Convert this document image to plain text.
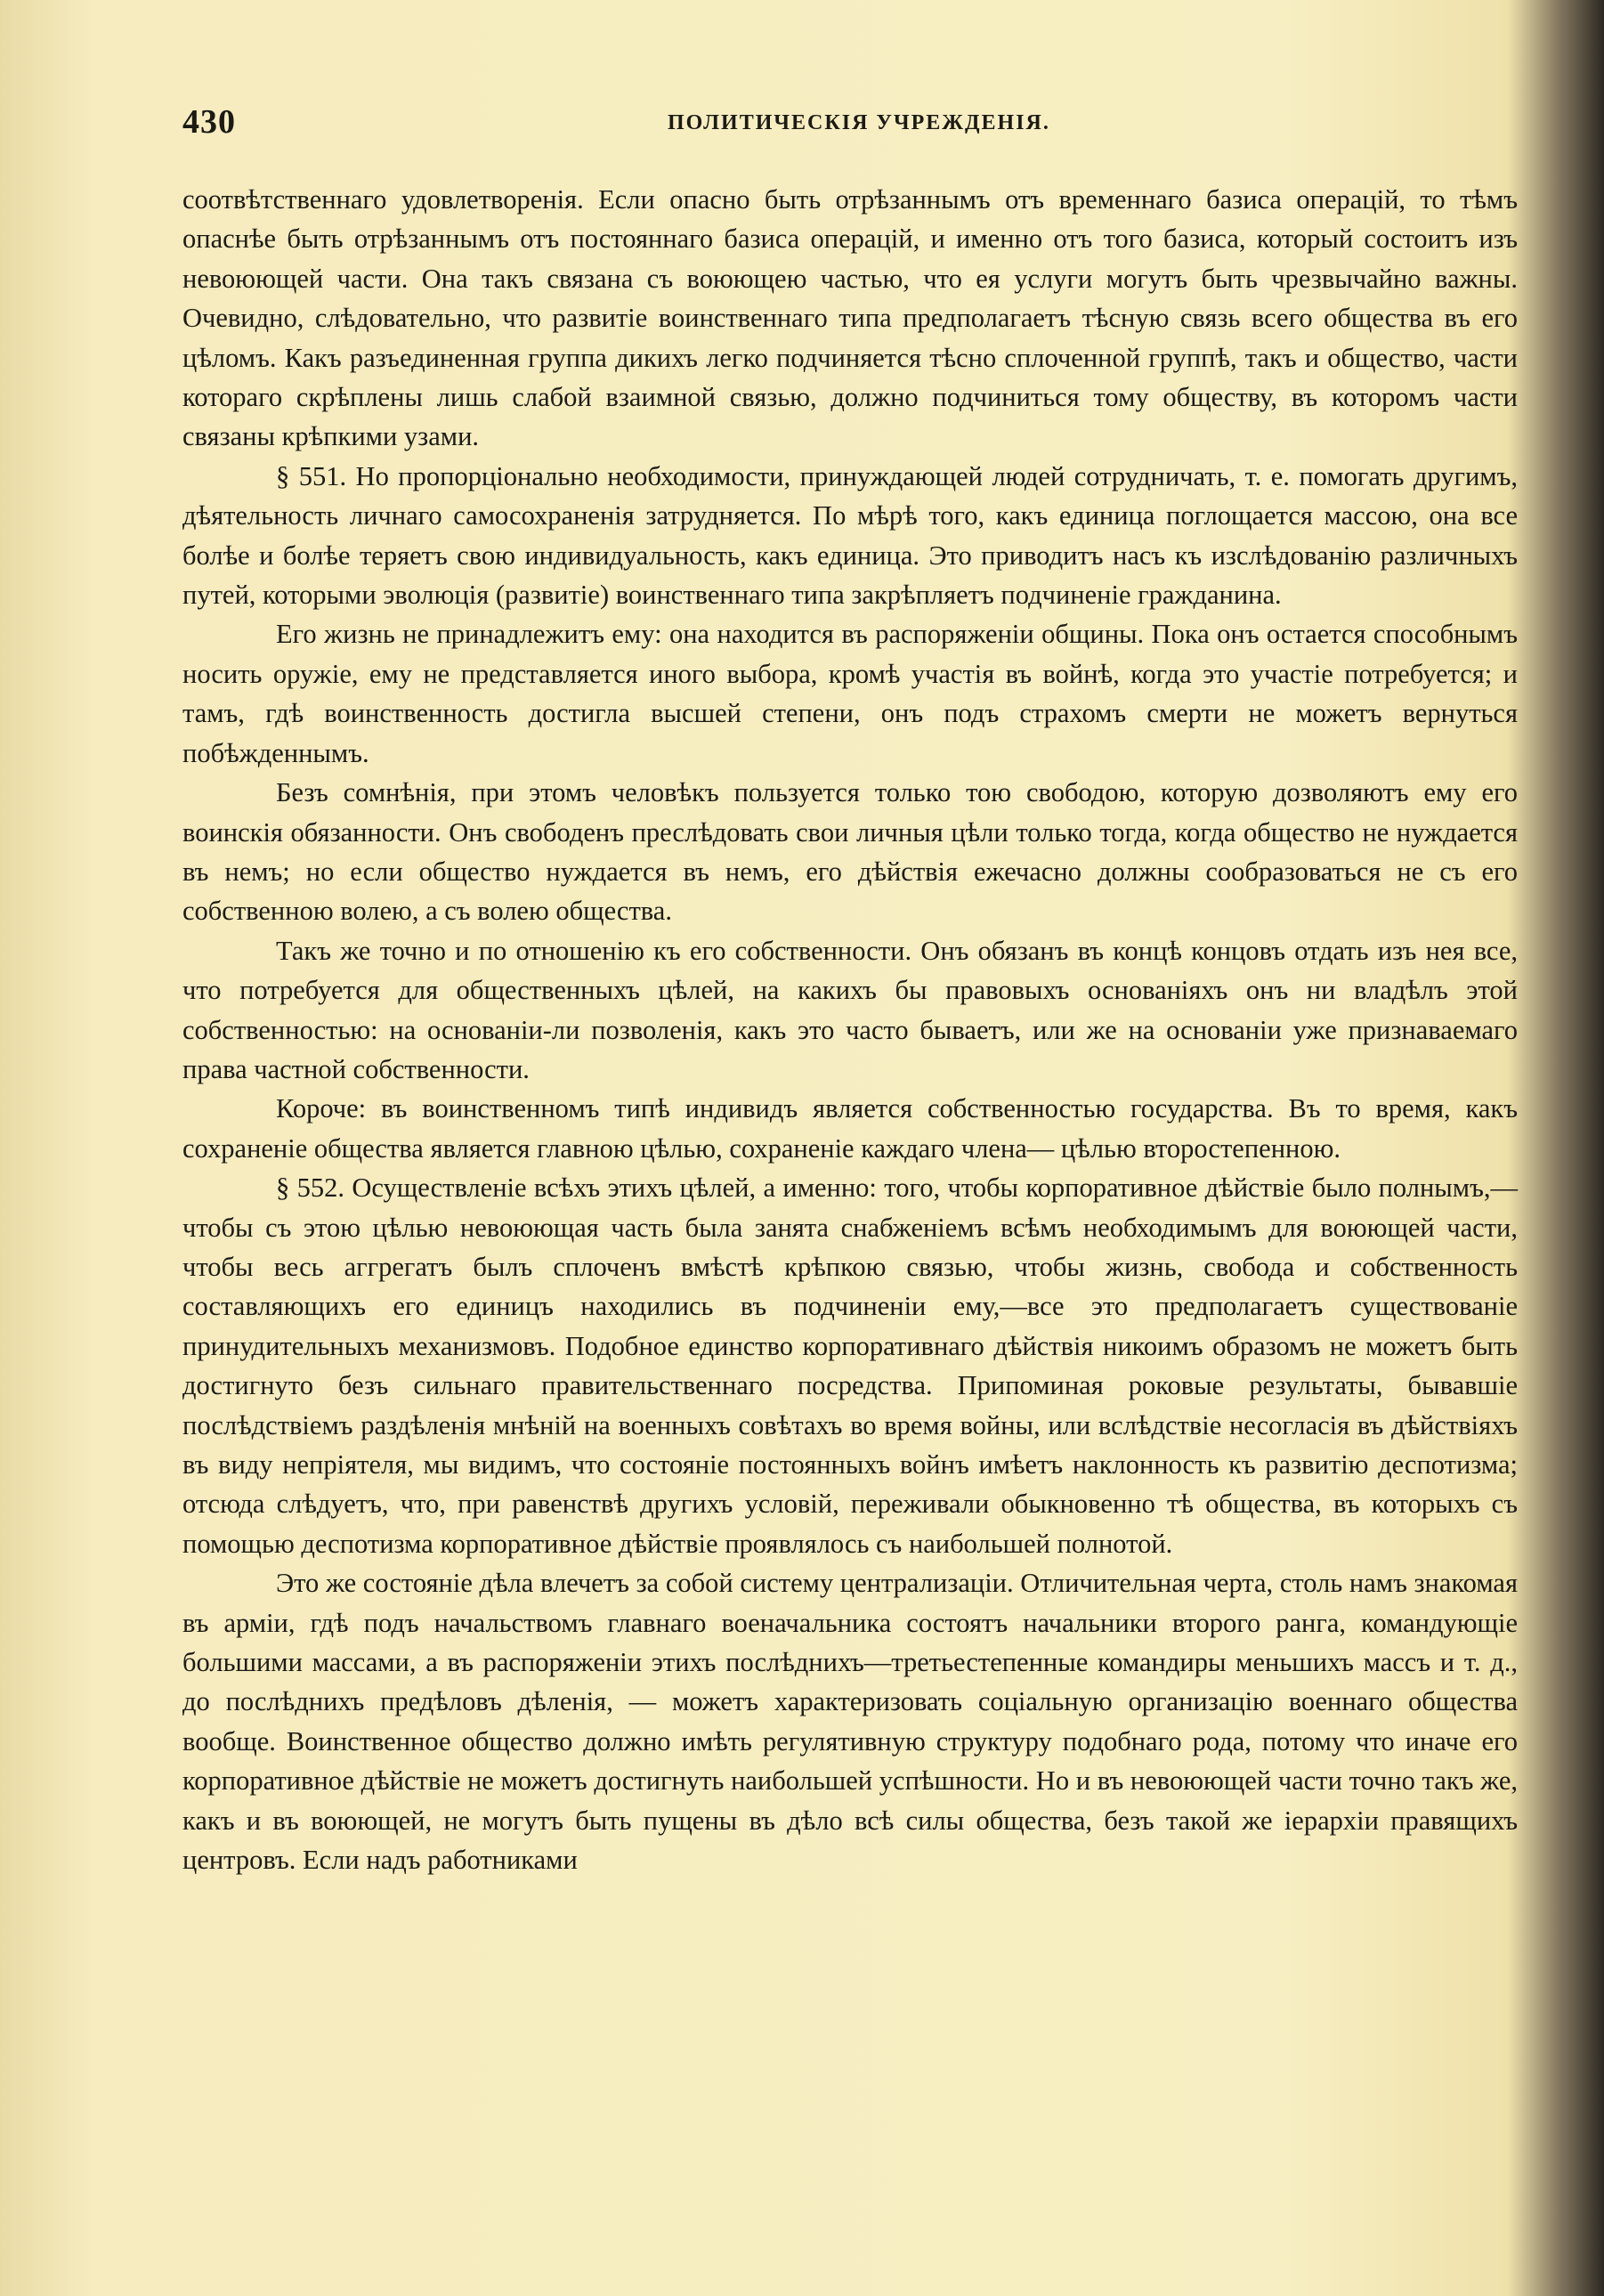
430	ПОЛИТИЧЕСКІЯ УЧРЕЖДЕНІЯ.

соотвѣтственнаго удовлетворенія. Если опасно быть отрѣзаннымъ отъ временнаго базиса операцій, то тѣмъ опаснѣе быть отрѣзаннымъ отъ постояннаго базиса операцій, и именно отъ того базиса, который состоитъ изъ невоюющей части. Она такъ связана съ воюющею частью, что ея услуги могутъ быть чрезвычайно важны. Очевидно, слѣдовательно, что развитіе воинственнаго типа предполагаетъ тѣсную связь всего общества въ его цѣломъ. Какъ разъединенная группа дикихъ легко подчиняется тѣсно сплоченной группѣ, такъ и общество, части котораго скрѣплены лишь слабой взаимной связью, должно подчиниться тому обществу, въ которомъ части связаны крѣпкими узами.

§ 551. Но пропорціонально необходимости, принуждающей людей сотрудничать, т. е. помогать другимъ, дѣятельность личнаго самосохраненія затрудняется. По мѣрѣ того, какъ единица поглощается массою, она все болѣе и болѣе теряетъ свою индивидуальность, какъ единица. Это приводитъ насъ къ изслѣдованію различныхъ путей, которыми эволюція (развитіе) воинственнаго типа закрѣпляетъ подчиненіе гражданина.

Его жизнь не принадлежитъ ему: она находится въ распоряженіи общины. Пока онъ остается способнымъ носить оружіе, ему не представляется иного выбора, кромѣ участія въ войнѣ, когда это участіе потребуется; и тамъ, гдѣ воинственность достигла высшей степени, онъ подъ страхомъ смерти не можетъ вернуться побѣжденнымъ.

Безъ сомнѣнія, при этомъ человѣкъ пользуется только тою свободою, которую дозволяютъ ему его воинскія обязанности. Онъ свободенъ преслѣдовать свои личныя цѣли только тогда, когда общество не нуждается въ немъ; но если общество нуждается въ немъ, его дѣйствія ежечасно должны сообразоваться не съ его собственною волею, а съ волею общества.

Такъ же точно и по отношенію къ его собственности. Онъ обязанъ въ концѣ концовъ отдать изъ нея все, что потребуется для общественныхъ цѣлей, на какихъ бы правовыхъ основаніяхъ онъ ни владѣлъ этой собственностью: на основаніи-ли позволенія, какъ это часто бываетъ, или же на основаніи уже признаваемаго права частной собственности.

Короче: въ воинственномъ типѣ индивидъ является собственностью государства. Въ то время, какъ сохраненіе общества является главною цѣлью, сохраненіе каждаго члена— цѣлью второстепенною.

§ 552. Осуществленіе всѣхъ этихъ цѣлей, а именно: того, чтобы корпоративное дѣйствіе было полнымъ,—чтобы съ этою цѣлью невоюющая часть была занята снабженіемъ всѣмъ необходимымъ для воюющей части, чтобы весь аггрегатъ былъ сплоченъ вмѣстѣ крѣпкою связью, чтобы жизнь, свобода и собственность составляющихъ его единицъ находились въ подчиненіи ему,—все это предполагаетъ существованіе принудительныхъ механизмовъ. Подобное единство корпоративнаго дѣйствія никоимъ образомъ не можетъ быть достигнуто безъ сильнаго правительственнаго посредства. Припоминая роковые результаты, бывавшіе послѣдствіемъ раздѣленія мнѣній на военныхъ совѣтахъ во время войны, или вслѣдствіе несогласія въ дѣйствіяхъ въ виду непріятеля, мы видимъ, что состояніе постоянныхъ войнъ имѣетъ наклонность къ развитію деспотизма; отсюда слѣдуетъ, что, при равенствѣ другихъ условій, переживали обыкновенно тѣ общества, въ которыхъ съ помощью деспотизма корпоративное дѣйствіе проявлялось съ наибольшей полнотой.

Это же состояніе дѣла влечетъ за собой систему централизаціи. Отличительная черта, столь намъ знакомая въ арміи, гдѣ подъ начальствомъ главнаго военачальника состоятъ начальники второго ранга, командующіе большими массами, а въ распоряженіи этихъ послѣднихъ—третьестепенные командиры меньшихъ массъ и т. д., до послѣднихъ предѣловъ дѣленія, — можетъ характеризовать соціальную организацію военнаго общества вообще. Воинственное общество должно имѣть регулятивную структуру подобнаго рода, потому что иначе его корпоративное дѣйствіе не можетъ достигнуть наибольшей успѣшности. Но и въ невоюющей части точно такъ же, какъ и въ воюющей, не могутъ быть пущены въ дѣло всѣ силы общества, безъ такой же іерархіи правящихъ центровъ. Если надъ работниками
